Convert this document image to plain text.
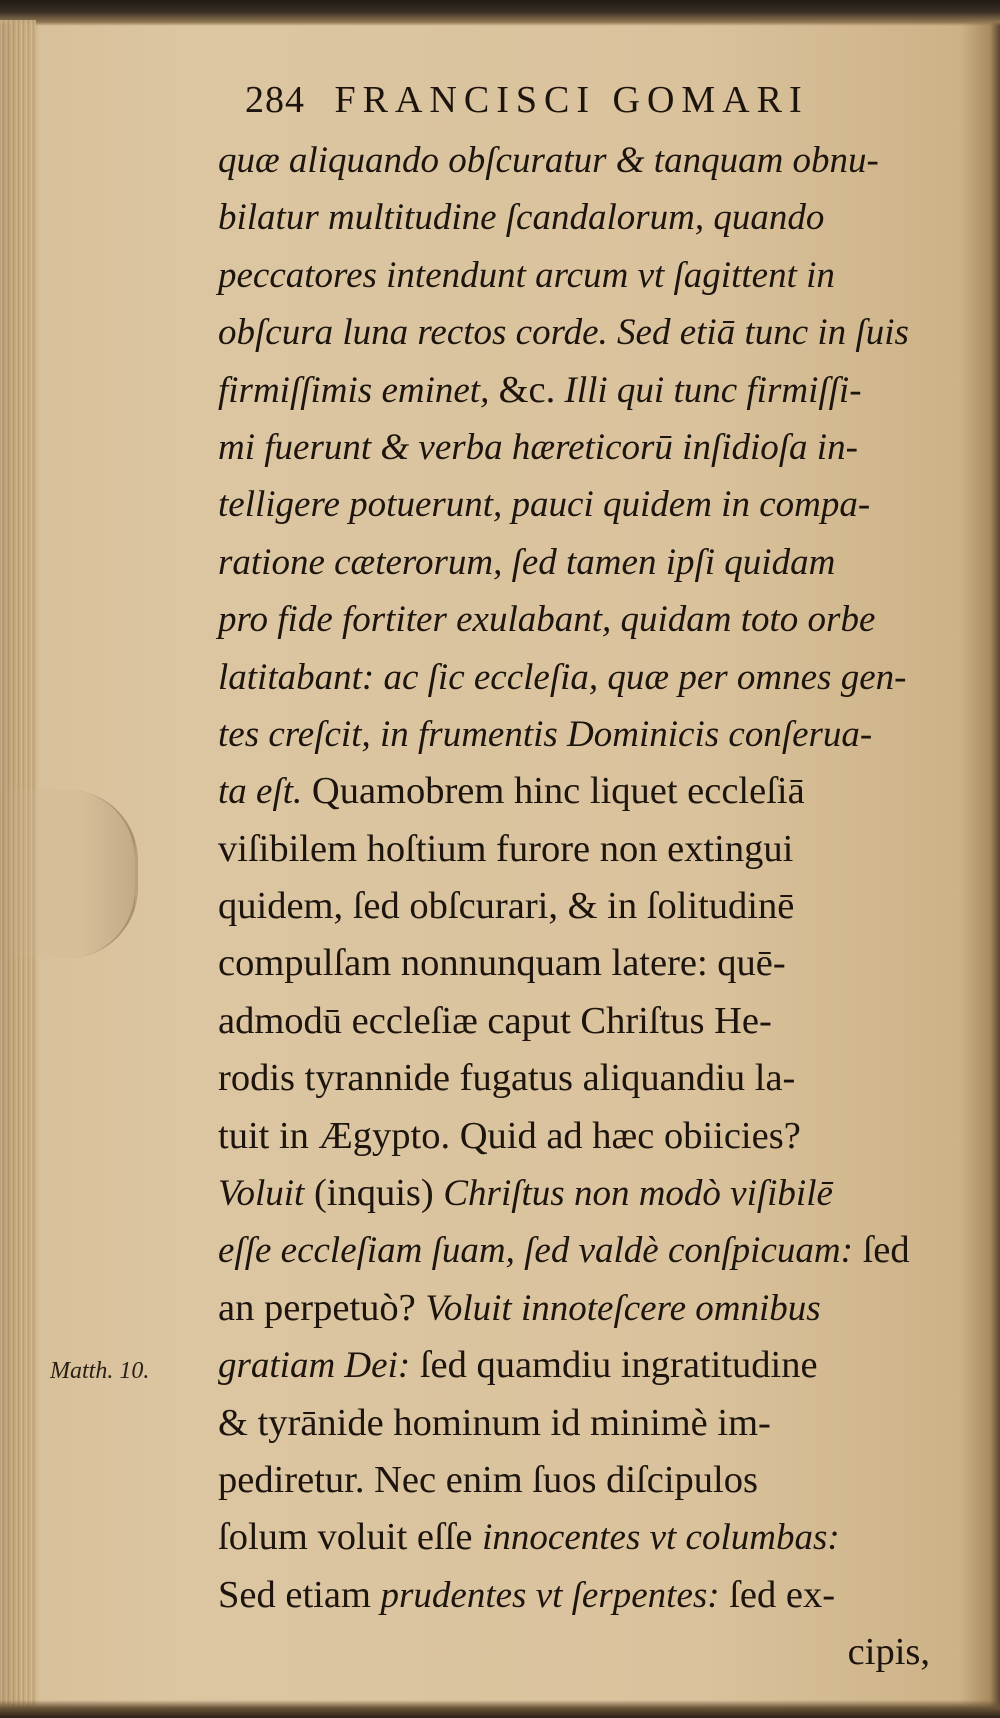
284 FRANCISCI GOMARI
quæ aliquando obſcuratur & tanquam obnu-
bilatur multitudine ſcandalorum, quando
peccatores intendunt arcum vt ſagittent in
obſcura luna rectos corde. Sed etiā tunc in ſuis
firmiſſimis eminet, &c. Illi qui tunc firmiſſi-
mi fuerunt & verba hæreticorū inſidioſa in-
telligere potuerunt, pauci quidem in compa-
ratione cæterorum, ſed tamen ipſi quidam
pro fide fortiter exulabant, quidam toto orbe
latitabant: ac ſic eccleſia, quæ per omnes gen-
tes creſcit, in frumentis Dominicis conſerua-
ta eſt. Quamobrem hinc liquet eccleſiā
viſibilem hoſtium furore non extingui
quidem, ſed obſcurari, & in ſolitudinē
compulſam nonnunquam latere: quē-
admodū eccleſiæ caput Chriſtus He-
rodis tyrannide fugatus aliquandiu la-
tuit in Ægypto. Quid ad hæc obiicies?
Voluit (inquis) Chriſtus non modò viſibilē
eſſe eccleſiam ſuam, ſed valdè conſpicuam: ſed
an perpetuò? Voluit innoteſcere omnibus
gratiam Dei: ſed quamdiu ingratitudine
& tyrānide hominum id minimè im-
pediretur. Nec enim ſuos diſcipulos
ſolum voluit eſſe innocentes vt columbas:
Sed etiam prudentes vt ſerpentes: ſed ex-
cipis,
Matth. 10.
